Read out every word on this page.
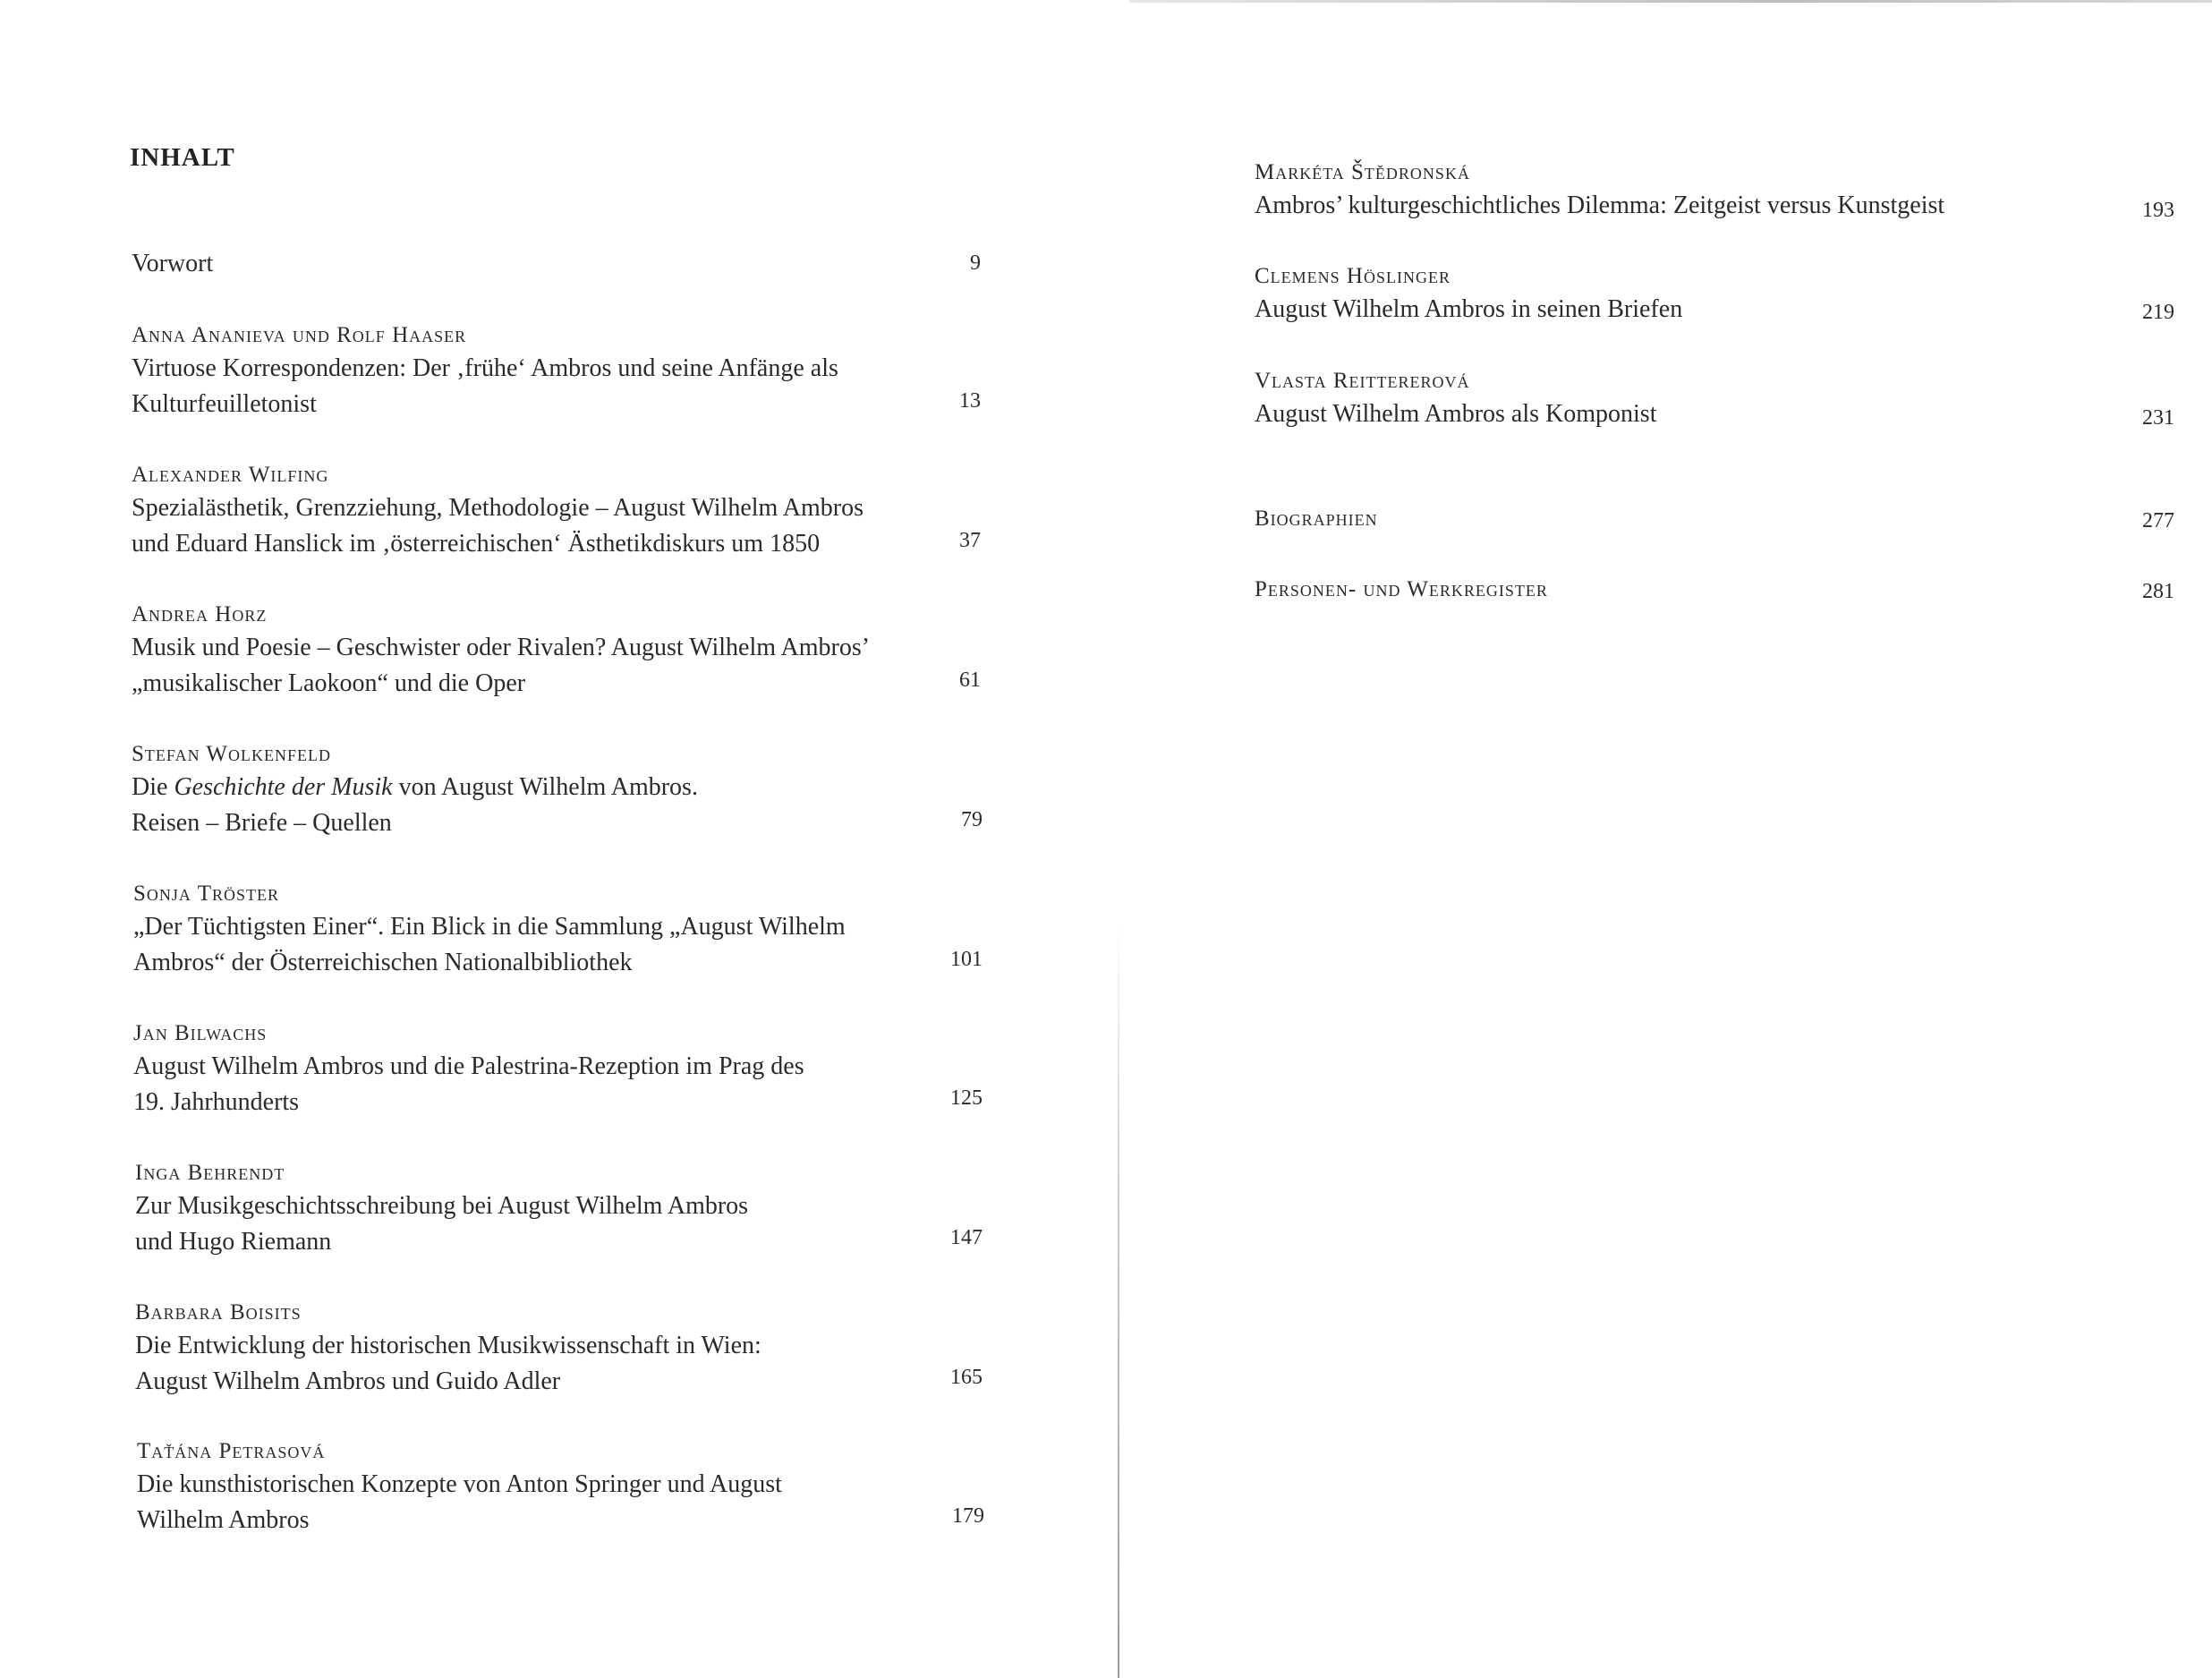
INHALT
Vorwort	9
Anna Ananieva und Rolf Haaser
Virtuose Korrespondenzen: Der ‚frühe‘ Ambros und seine Anfänge als
Kulturfeuilletonist	13
Alexander Wilfing
Spezialästhetik, Grenzziehung, Methodologie – August Wilhelm Ambros
und Eduard Hanslick im ‚österreichischen‘ Ästhetikdiskurs um 1850	37
Andrea Horz
Musik und Poesie – Geschwister oder Rivalen? August Wilhelm Ambros’
„musikalischer Laokoon“ und die Oper	61
Stefan Wolkenfeld
Die Geschichte der Musik von August Wilhelm Ambros.
Reisen – Briefe – Quellen	79
Sonja Tröster
„Der Tüchtigsten Einer“. Ein Blick in die Sammlung „August Wilhelm
Ambros“ der Österreichischen Nationalbibliothek	101
Jan Bilwachs
August Wilhelm Ambros und die Palestrina-Rezeption im Prag des
19. Jahrhunderts	125
Inga Behrendt
Zur Musikgeschichtsschreibung bei August Wilhelm Ambros
und Hugo Riemann	147
Barbara Boisits
Die Entwicklung der historischen Musikwissenschaft in Wien:
August Wilhelm Ambros und Guido Adler	165
Taťána Petrasová
Die kunsthistorischen Konzepte von Anton Springer und August
Wilhelm Ambros	179
Markéta Štědronská
Ambros’ kulturgeschichtliches Dilemma: Zeitgeist versus Kunstgeist	193
Clemens Höslinger
August Wilhelm Ambros in seinen Briefen	219
Vlasta Reittererová
August Wilhelm Ambros als Komponist	231
Biographien	277
Personen- und Werkregister	281
